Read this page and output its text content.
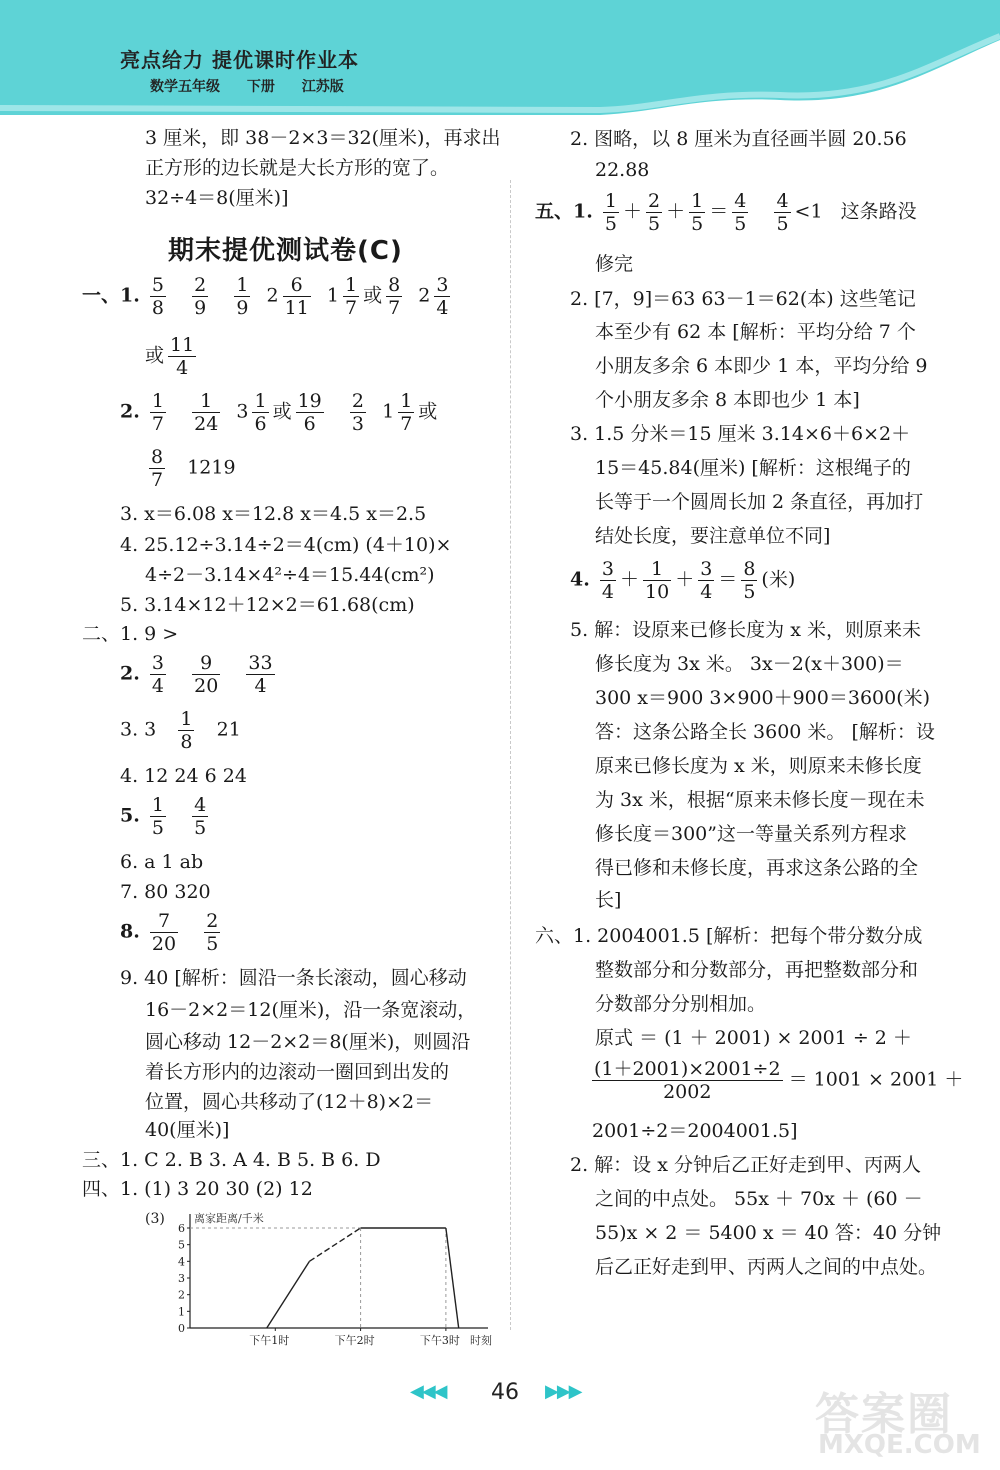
亮点给力 提优课时作业本
数学五年级 下册 江苏版
3 厘米，即 38－2×3＝32(厘米)，再求出
正方形的边长就是大长方形的宽了。
32÷4＝8(厘米)]
期末提优测试卷(C)
一、1. $\frac{5}{8}$
$\frac{2}{9}$
$\frac{1}{9} 2 \frac{6}{11} 1 \frac{1}{7}$ 或 $\frac{8}{7} 2 \frac{3}{4}$
或 $\frac{11}{4}$
2. $\frac{1}{7}$
$\frac{1}{24} 3 \frac{1}{6}$ 或 $\frac{19}{6}$
$\frac{2}{3} 1 \frac{1}{7}$ 或
$\frac{8}{7} 1219$
3. x＝6.08 x＝12.8 x＝4.5 x＝2.5
4. 25.12÷3.14÷2＝4(cm) (4＋10)×
4÷2－3.14×4²÷4＝15.44(cm²)
5. 3.14×12＋12×2＝61.68(cm)
二、1. 9 >
2. $\frac{3}{4}$
$\frac{9}{20}$
$\frac{33}{4}$
3. $3 \frac{1}{8} 21$
4. 12 24 6 24
5. $\frac{1}{5}$
$\frac{4}{5}$
6. a 1 ab
7. 80 320
8. $\frac{7}{20}$
$\frac{2}{5}$
9. 40 [解析：圆沿一条长滚动，圆心移动
16－2×2＝12(厘米)，沿一条宽滚动，
圆心移动 12－2×2＝8(厘米)，则圆沿
着长方形内的边滚动一圈回到出发的
位置，圆心共移动了(12＋8)×2＝
40(厘米)]
三、1. C 2. B 3. A 4. B 5. B 6. D
四、1. (1) 3 20 30 (2) 12
(3)	离家距离/千米
时刻
0
1
2
3
4
5
6
下午1时	下午2时	下午3时
2. 图略，以 8 厘米为直径画半圆 20.56
22.88
五、1. $\frac{1}{5} + \frac{2}{5} + \frac{1}{5} = \frac{4}{5}$
$\frac{4}{5} <1$ 这条路没
修完
2. [7，9]＝63 63－1＝62(本) 这些笔记
本至少有 62 本 [解析：平均分给 7 个
小朋友多余 6 本即少 1 本，平均分给 9
个小朋友多余 8 本即也少 1 本]
3. 1.5 分米＝15 厘米 3.14×6＋6×2＋
15＝45.84(厘米) [解析：这根绳子的
长等于一个圆周长加 2 条直径，再加打
结处长度，要注意单位不同]
4. $\frac{3}{4} + \frac{1}{10} + \frac{3}{4} = \frac{8}{5}$ (米)
5. 解：设原来已修长度为 x 米，则原来未
修长度为 3x 米。 3x－2(x＋300)＝
300 x＝900 3×900＋900＝3600(米)
答：这条公路全长 3600 米。 [解析：设
原来已修长度为 x 米，则原来未修长度
为 3x 米，根据“原来未修长度－现在未
修长度＝300”这一等量关系列方程求
得已修和未修长度，再求这条公路的全
长]
六、1. 2004001.5 [解析：把每个带分数分成
整数部分和分数部分，再把整数部分和
分数部分分别相加。
原式 ＝ (1 ＋ 2001) × 2001 ÷ 2 ＋
$\frac{(1+2001)\times 2001\div 2}{2002} = 1001 \times 2001$ ＋
2001÷2＝2004001.5]
2. 解：设 x 分钟后乙正好走到甲、丙两人
之间的中点处。 55x ＋ 70x ＋ (60 －
55)x × 2 ＝ 5400 x ＝ 40 答：40 分钟
后乙正好走到甲、丙两人之间的中点处。
◀◀◀ 46 ▶▶▶	答案圈
MXQE.COM
